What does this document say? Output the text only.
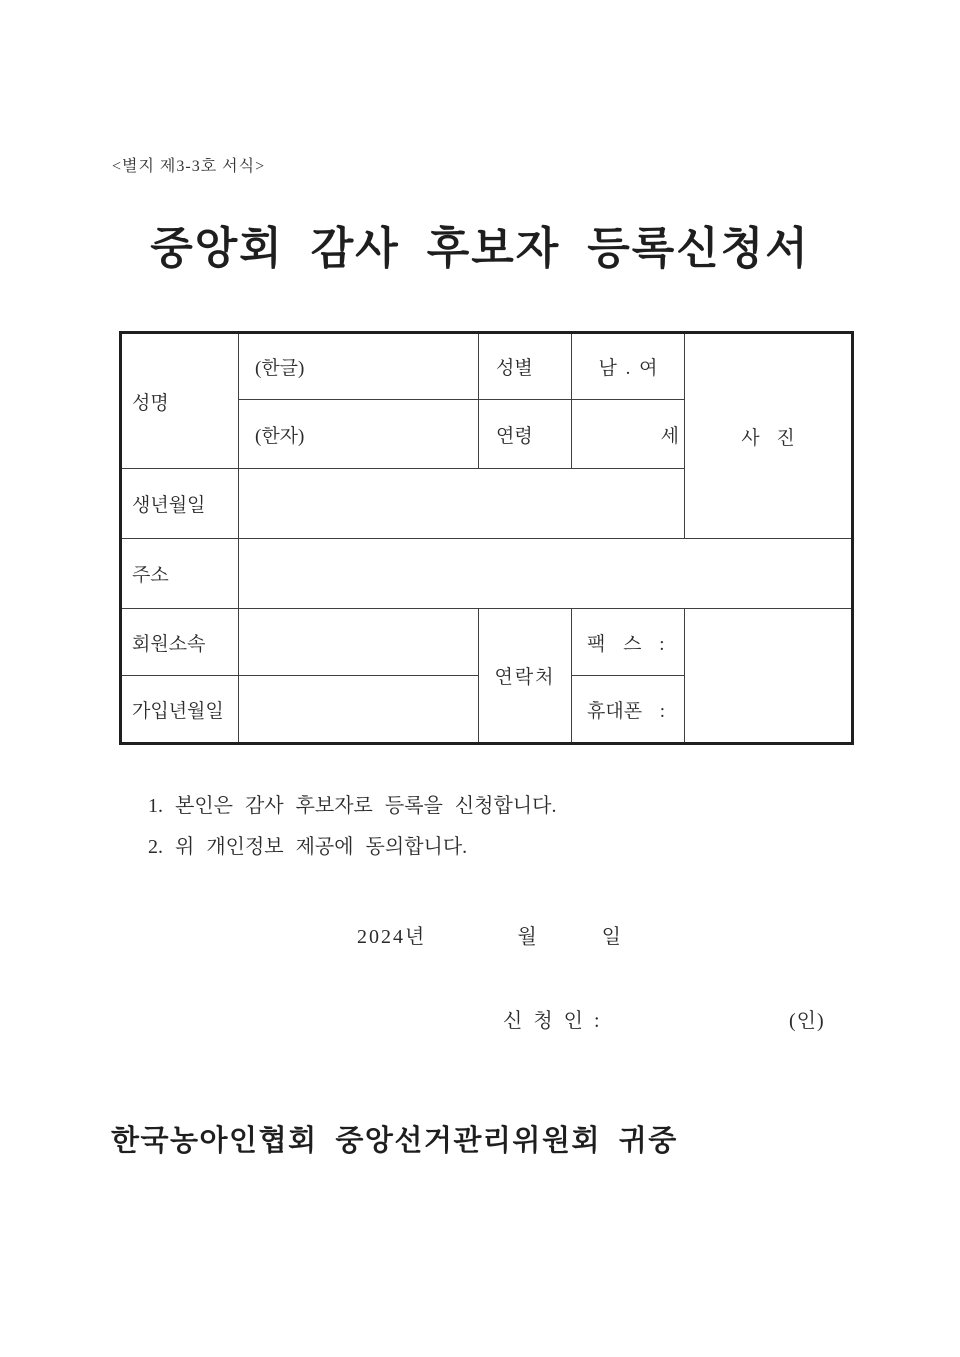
<별지 제3-3호 서식>
중앙회 감사 후보자 등록신청서
성명	(한글)	성별	남 . 여	사 진
	(한자)	연령	세	
생년월일				
주소				
회원소속		연락처	팩 스 :	
가입년월일			휴대폰 :	
1. 본인은 감사 후보자로 등록을 신청합니다.
2. 위 개인정보 제공에 동의합니다.
2024년	월	일
신 청 인 :	(인)
한국농아인협회 중앙선거관리위원회 귀중
